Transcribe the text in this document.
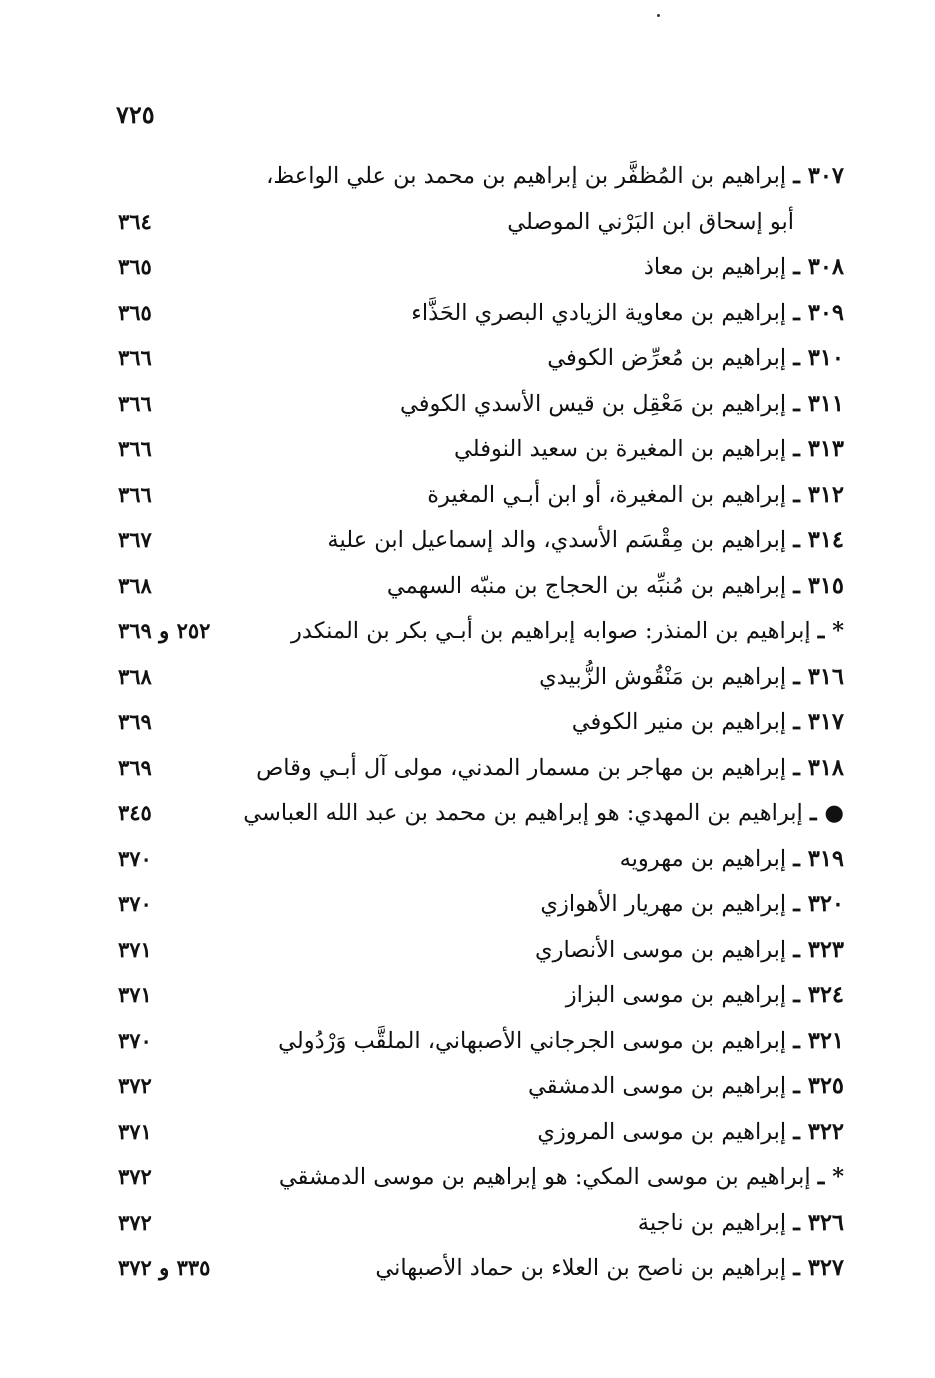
٧٢٥
٣٠٧ ـ إبراهيم بن المُظفَّر بن إبراهيم بن محمد بن علي الواعظ،
أبو إسحاق ابن البَرْني الموصلي
٣٦٤
٣٠٨ ـ إبراهيم بن معاذ
٣٦٥
٣٠٩ ـ إبراهيم بن معاوية الزيادي البصري الحَذَّاء
٣٦٥
٣١٠ ـ إبراهيم بن مُعرِّض الكوفي
٣٦٦
٣١١ ـ إبراهيم بن مَعْقِل بن قيس الأسدي الكوفي
٣٦٦
٣١٣ ـ إبراهيم بن المغيرة بن سعيد النوفلي
٣٦٦
٣١٢ ـ إبراهيم بن المغيرة، أو ابن أبـي المغيرة
٣٦٦
٣١٤ ـ إبراهيم بن مِقْسَم الأسدي، والد إسماعيل ابن علية
٣٦٧
٣١٥ ـ إبراهيم بن مُنبِّه بن الحجاج بن منبّه السهمي
٣٦٨
* ـ إبراهيم بن المنذر: صوابه إبراهيم بن أبـي بكر بن المنكدر
٢٥٢ و ٣٦٩
٣١٦ ـ إبراهيم بن مَنْقُوش الزُّبيدي
٣٦٨
٣١٧ ـ إبراهيم بن منير الكوفي
٣٦٩
٣١٨ ـ إبراهيم بن مهاجر بن مسمار المدني، مولى آل أبـي وقاص
٣٦٩
● ـ إبراهيم بن المهدي: هو إبراهيم بن محمد بن عبد الله العباسي
٣٤٥
٣١٩ ـ إبراهيم بن مهرويه
٣٧٠
٣٢٠ ـ إبراهيم بن مهريار الأهوازي
٣٧٠
٣٢٣ ـ إبراهيم بن موسى الأنصاري
٣٧١
٣٢٤ ـ إبراهيم بن موسى البزاز
٣٧١
٣٢١ ـ إبراهيم بن موسى الجرجاني الأصبهاني، الملقَّب وَرْدُولي
٣٧٠
٣٢٥ ـ إبراهيم بن موسى الدمشقي
٣٧٢
٣٢٢ ـ إبراهيم بن موسى المروزي
٣٧١
* ـ إبراهيم بن موسى المكي: هو إبراهيم بن موسى الدمشقي
٣٧٢
٣٢٦ ـ إبراهيم بن ناجية
٣٧٢
٣٢٧ ـ إبراهيم بن ناصح بن العلاء بن حماد الأصبهاني
٣٣٥ و ٣٧٢
